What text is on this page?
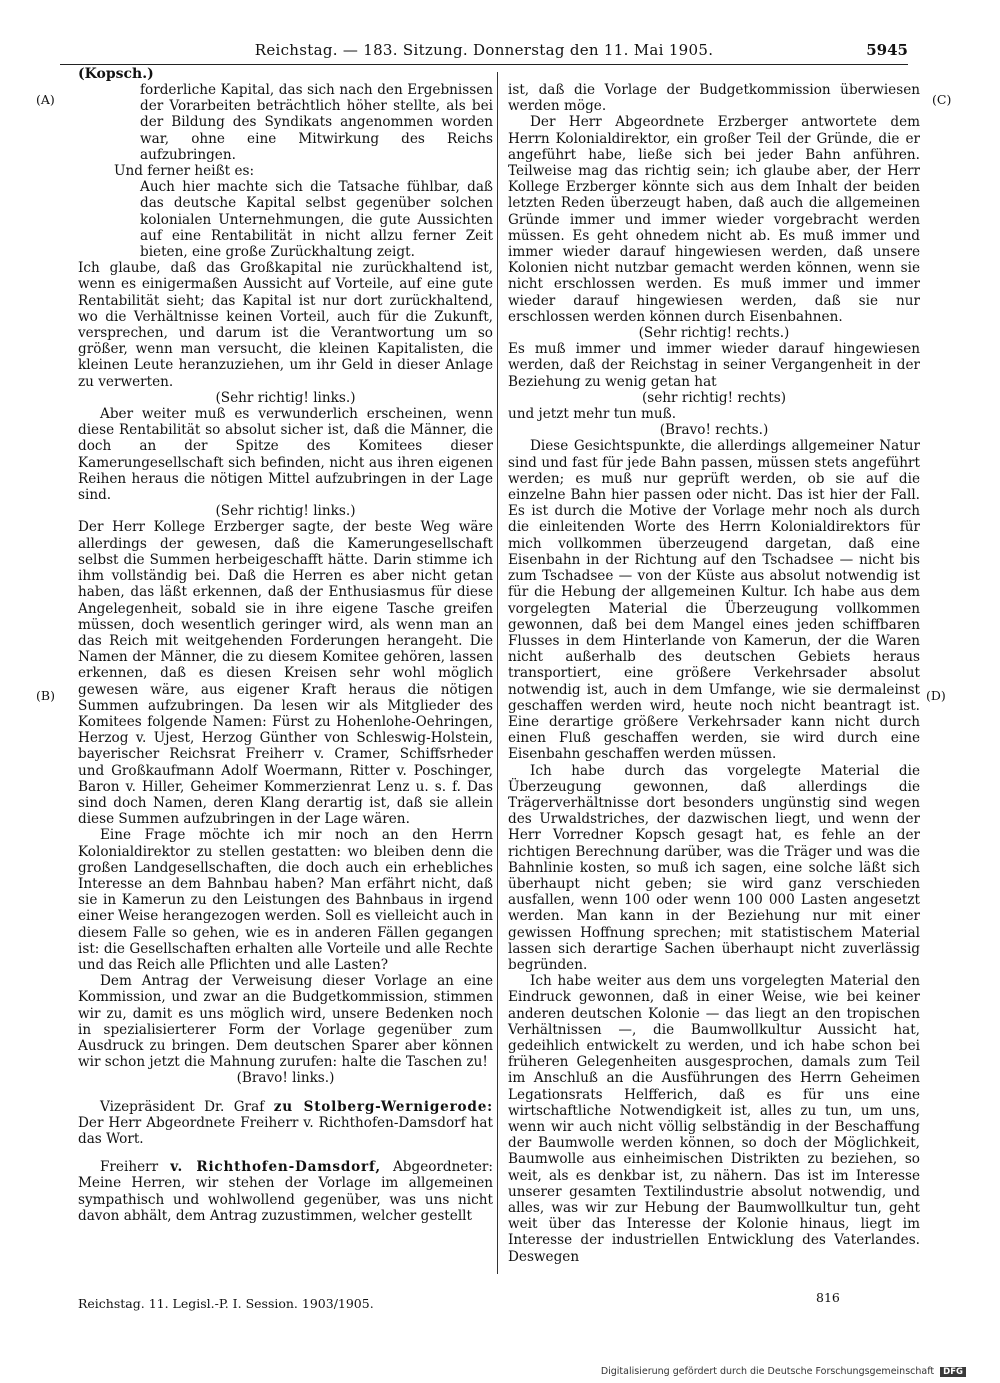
Reichstag. — 183. Sitzung. Donnerstag den 11. Mai 1905.	5945
(Kopsch.)
(A)
(B)
(C)
(D)

forderliche Kapital, das sich nach den Ergebnissen der Vorarbeiten beträchtlich höher stellte, als bei der Bildung des Syndikats angenommen worden war, ohne eine Mitwirkung des Reichs aufzubringen.

Und ferner heißt es:

Auch hier machte sich die Tatsache fühlbar, daß das deutsche Kapital selbst gegenüber solchen kolonialen Unternehmungen, die gute Aussichten auf eine Rentabilität in nicht allzu ferner Zeit bieten, eine große Zurückhaltung zeigt.

Ich glaube, daß das Großkapital nie zurückhaltend ist, wenn es einigermaßen Aussicht auf Vorteile, auf eine gute Rentabilität sieht; das Kapital ist nur dort zurückhaltend, wo die Verhältnisse keinen Vorteil, auch für die Zukunft, versprechen, und darum ist die Verantwortung um so größer, wenn man versucht, die kleinen Kapitalisten, die kleinen Leute heranzuziehen, um ihr Geld in dieser Anlage zu verwerten.

(Sehr richtig! links.)

Aber weiter muß es verwunderlich erscheinen, wenn diese Rentabilität so absolut sicher ist, daß die Männer, die doch an der Spitze des Komitees dieser Kamerungesellschaft sich befinden, nicht aus ihren eigenen Reihen heraus die nötigen Mittel aufzubringen in der Lage sind.

(Sehr richtig! links.)

Der Herr Kollege Erzberger sagte, der beste Weg wäre allerdings der gewesen, daß die Kamerungesellschaft selbst die Summen herbeigeschafft hätte. Darin stimme ich ihm vollständig bei. Daß die Herren es aber nicht getan haben, das läßt erkennen, daß der Enthusiasmus für diese Angelegenheit, sobald sie in ihre eigene Tasche greifen müssen, doch wesentlich geringer wird, als wenn man an das Reich mit weitgehenden Forderungen herangeht. Die Namen der Männer, die zu diesem Komitee gehören, lassen erkennen, daß es diesen Kreisen sehr wohl möglich gewesen wäre, aus eigener Kraft heraus die nötigen Summen aufzubringen. Da lesen wir als Mitglieder des Komitees folgende Namen: Fürst zu Hohenlohe-Oehringen, Herzog v. Ujest, Herzog Günther von Schleswig-Holstein, bayerischer Reichsrat Freiherr v. Cramer, Schiffsrheder und Großkaufmann Adolf Woermann, Ritter v. Poschinger, Baron v. Hiller, Geheimer Kommerzienrat Lenz u. s. f. Das sind doch Namen, deren Klang derartig ist, daß sie allein diese Summen aufzubringen in der Lage wären.

Eine Frage möchte ich mir noch an den Herrn Kolonialdirektor zu stellen gestatten: wo bleiben denn die großen Landgesellschaften, die doch auch ein erhebliches Interesse an dem Bahnbau haben? Man erfährt nicht, daß sie in Kamerun zu den Leistungen des Bahnbaus in irgend einer Weise herangezogen werden. Soll es vielleicht auch in diesem Falle so gehen, wie es in anderen Fällen gegangen ist: die Gesellschaften erhalten alle Vorteile und alle Rechte und das Reich alle Pflichten und alle Lasten?

Dem Antrag der Verweisung dieser Vorlage an eine Kommission, und zwar an die Budgetkommission, stimmen wir zu, damit es uns möglich wird, unsere Bedenken noch in spezialisierterer Form der Vorlage gegenüber zum Ausdruck zu bringen. Dem deutschen Sparer aber können wir schon jetzt die Mahnung zurufen: halte die Taschen zu!

(Bravo! links.)

Vizepräsident Dr. Graf zu Stolberg-Wernigerode: Der Herr Abgeordnete Freiherr v. Richthofen-Damsdorf hat das Wort.

Freiherr v. Richthofen-Damsdorf, Abgeordneter: Meine Herren, wir stehen der Vorlage im allgemeinen sympathisch und wohlwollend gegenüber, was uns nicht davon abhält, dem Antrag zuzustimmen, welcher gestellt

ist, daß die Vorlage der Budgetkommission überwiesen werden möge.

Der Herr Abgeordnete Erzberger antwortete dem Herrn Kolonialdirektor, ein großer Teil der Gründe, die er angeführt habe, ließe sich bei jeder Bahn anführen. Teilweise mag das richtig sein; ich glaube aber, der Herr Kollege Erzberger könnte sich aus dem Inhalt der beiden letzten Reden überzeugt haben, daß auch die allgemeinen Gründe immer und immer wieder vorgebracht werden müssen. Es geht ohnedem nicht ab. Es muß immer und immer wieder darauf hingewiesen werden, daß unsere Kolonien nicht nutzbar gemacht werden können, wenn sie nicht erschlossen werden. Es muß immer und immer wieder darauf hingewiesen werden, daß sie nur erschlossen werden können durch Eisenbahnen.

(Sehr richtig! rechts.)

Es muß immer und immer wieder darauf hingewiesen werden, daß der Reichstag in seiner Vergangenheit in der Beziehung zu wenig getan hat

(sehr richtig! rechts)

und jetzt mehr tun muß.

(Bravo! rechts.)

Diese Gesichtspunkte, die allerdings allgemeiner Natur sind und fast für jede Bahn passen, müssen stets angeführt werden; es muß nur geprüft werden, ob sie auf die einzelne Bahn hier passen oder nicht. Das ist hier der Fall. Es ist durch die Motive der Vorlage mehr noch als durch die einleitenden Worte des Herrn Kolonialdirektors für mich vollkommen überzeugend dargetan, daß eine Eisenbahn in der Richtung auf den Tschadsee — nicht bis zum Tschadsee — von der Küste aus absolut notwendig ist für die Hebung der allgemeinen Kultur. Ich habe aus dem vorgelegten Material die Überzeugung vollkommen gewonnen, daß bei dem Mangel eines jeden schiffbaren Flusses in dem Hinterlande von Kamerun, der die Waren nicht außerhalb des deutschen Gebiets heraus transportiert, eine größere Verkehrsader absolut notwendig ist, auch in dem Umfange, wie sie dermaleinst geschaffen werden wird, heute noch nicht beantragt ist. Eine derartige größere Verkehrsader kann nicht durch einen Fluß geschaffen werden, sie wird durch eine Eisenbahn geschaffen werden müssen.

Ich habe durch das vorgelegte Material die Überzeugung gewonnen, daß allerdings die Trägerverhältnisse dort besonders ungünstig sind wegen des Urwaldstriches, der dazwischen liegt, und wenn der Herr Vorredner Kopsch gesagt hat, es fehle an der richtigen Berechnung darüber, was die Träger und was die Bahnlinie kosten, so muß ich sagen, eine solche läßt sich überhaupt nicht geben; sie wird ganz verschieden ausfallen, wenn 100 oder wenn 100 000 Lasten angesetzt werden. Man kann in der Beziehung nur mit einer gewissen Hoffnung sprechen; mit statistischem Material lassen sich derartige Sachen überhaupt nicht zuverlässig begründen.

Ich habe weiter aus dem uns vorgelegten Material den Eindruck gewonnen, daß in einer Weise, wie bei keiner anderen deutschen Kolonie — das liegt an den tropischen Verhältnissen —, die Baumwollkultur Aussicht hat, gedeihlich entwickelt zu werden, und ich habe schon bei früheren Gelegenheiten ausgesprochen, damals zum Teil im Anschluß an die Ausführungen des Herrn Geheimen Legationsrats Helfferich, daß es für uns eine wirtschaftliche Notwendigkeit ist, alles zu tun, um uns, wenn wir auch nicht völlig selbständig in der Beschaffung der Baumwolle werden können, so doch der Möglichkeit, Baumwolle aus einheimischen Distrikten zu beziehen, so weit, als es denkbar ist, zu nähern. Das ist im Interesse unserer gesamten Textilindustrie absolut notwendig, und alles, was wir zur Hebung der Baumwollkultur tun, geht weit über das Interesse der Kolonie hinaus, liegt im Interesse der industriellen Entwicklung des Vaterlandes. Deswegen

Reichstag. 11. Legisl.-P. I. Session. 1903/1905.	816
Digitalisierung gefördert durch die Deutsche Forschungsgemeinschaft DFG
